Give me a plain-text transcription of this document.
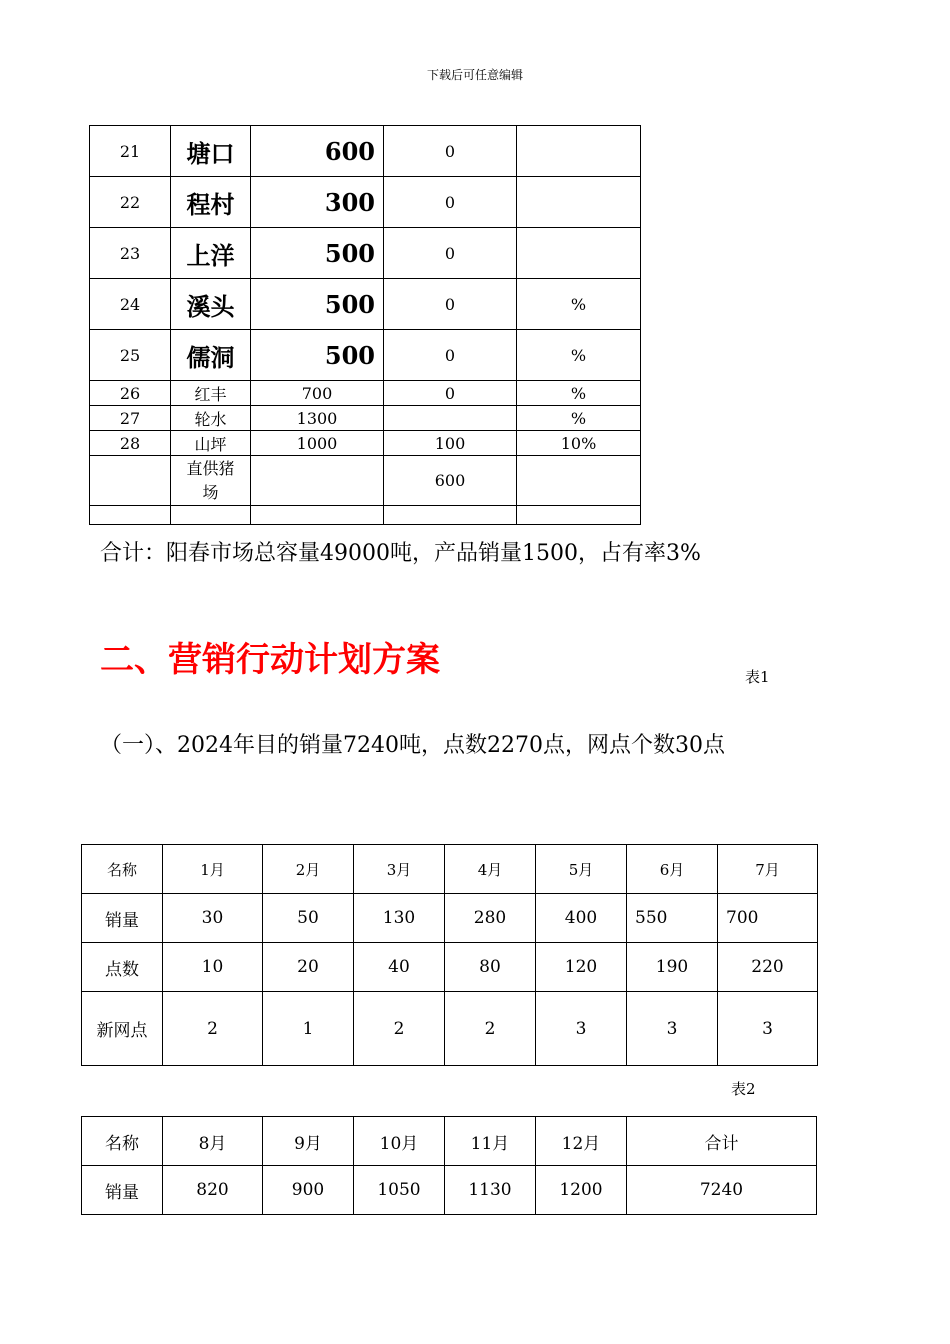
下载后可任意编辑
21	塘口	600	0	
22	程村	300	0	
23	上洋	500	0	
24	溪头	500	0	%
25	儒洞	500	0	%
26	红丰	700	0	%
27	轮水	1300		%
28	山坪	1000	100	10%
	直供猪场		600	

合计：阳春市场总容量49000吨，产品销量1500，占有率3%
二、营销行动计划方案	表1
（一）、2024年目的销量7240吨，点数2270点，网点个数30点
名称	1月	2月	3月	4月	5月	6月	7月
销量	30	50	130	280	400	550	700
点数	10	20	40	80	120	190	220
新网点	2	1	2	2	3	3	3
表2
名称	8月	9月	10月	11月	12月	合计
销量	820	900	1050	1130	1200	7240
